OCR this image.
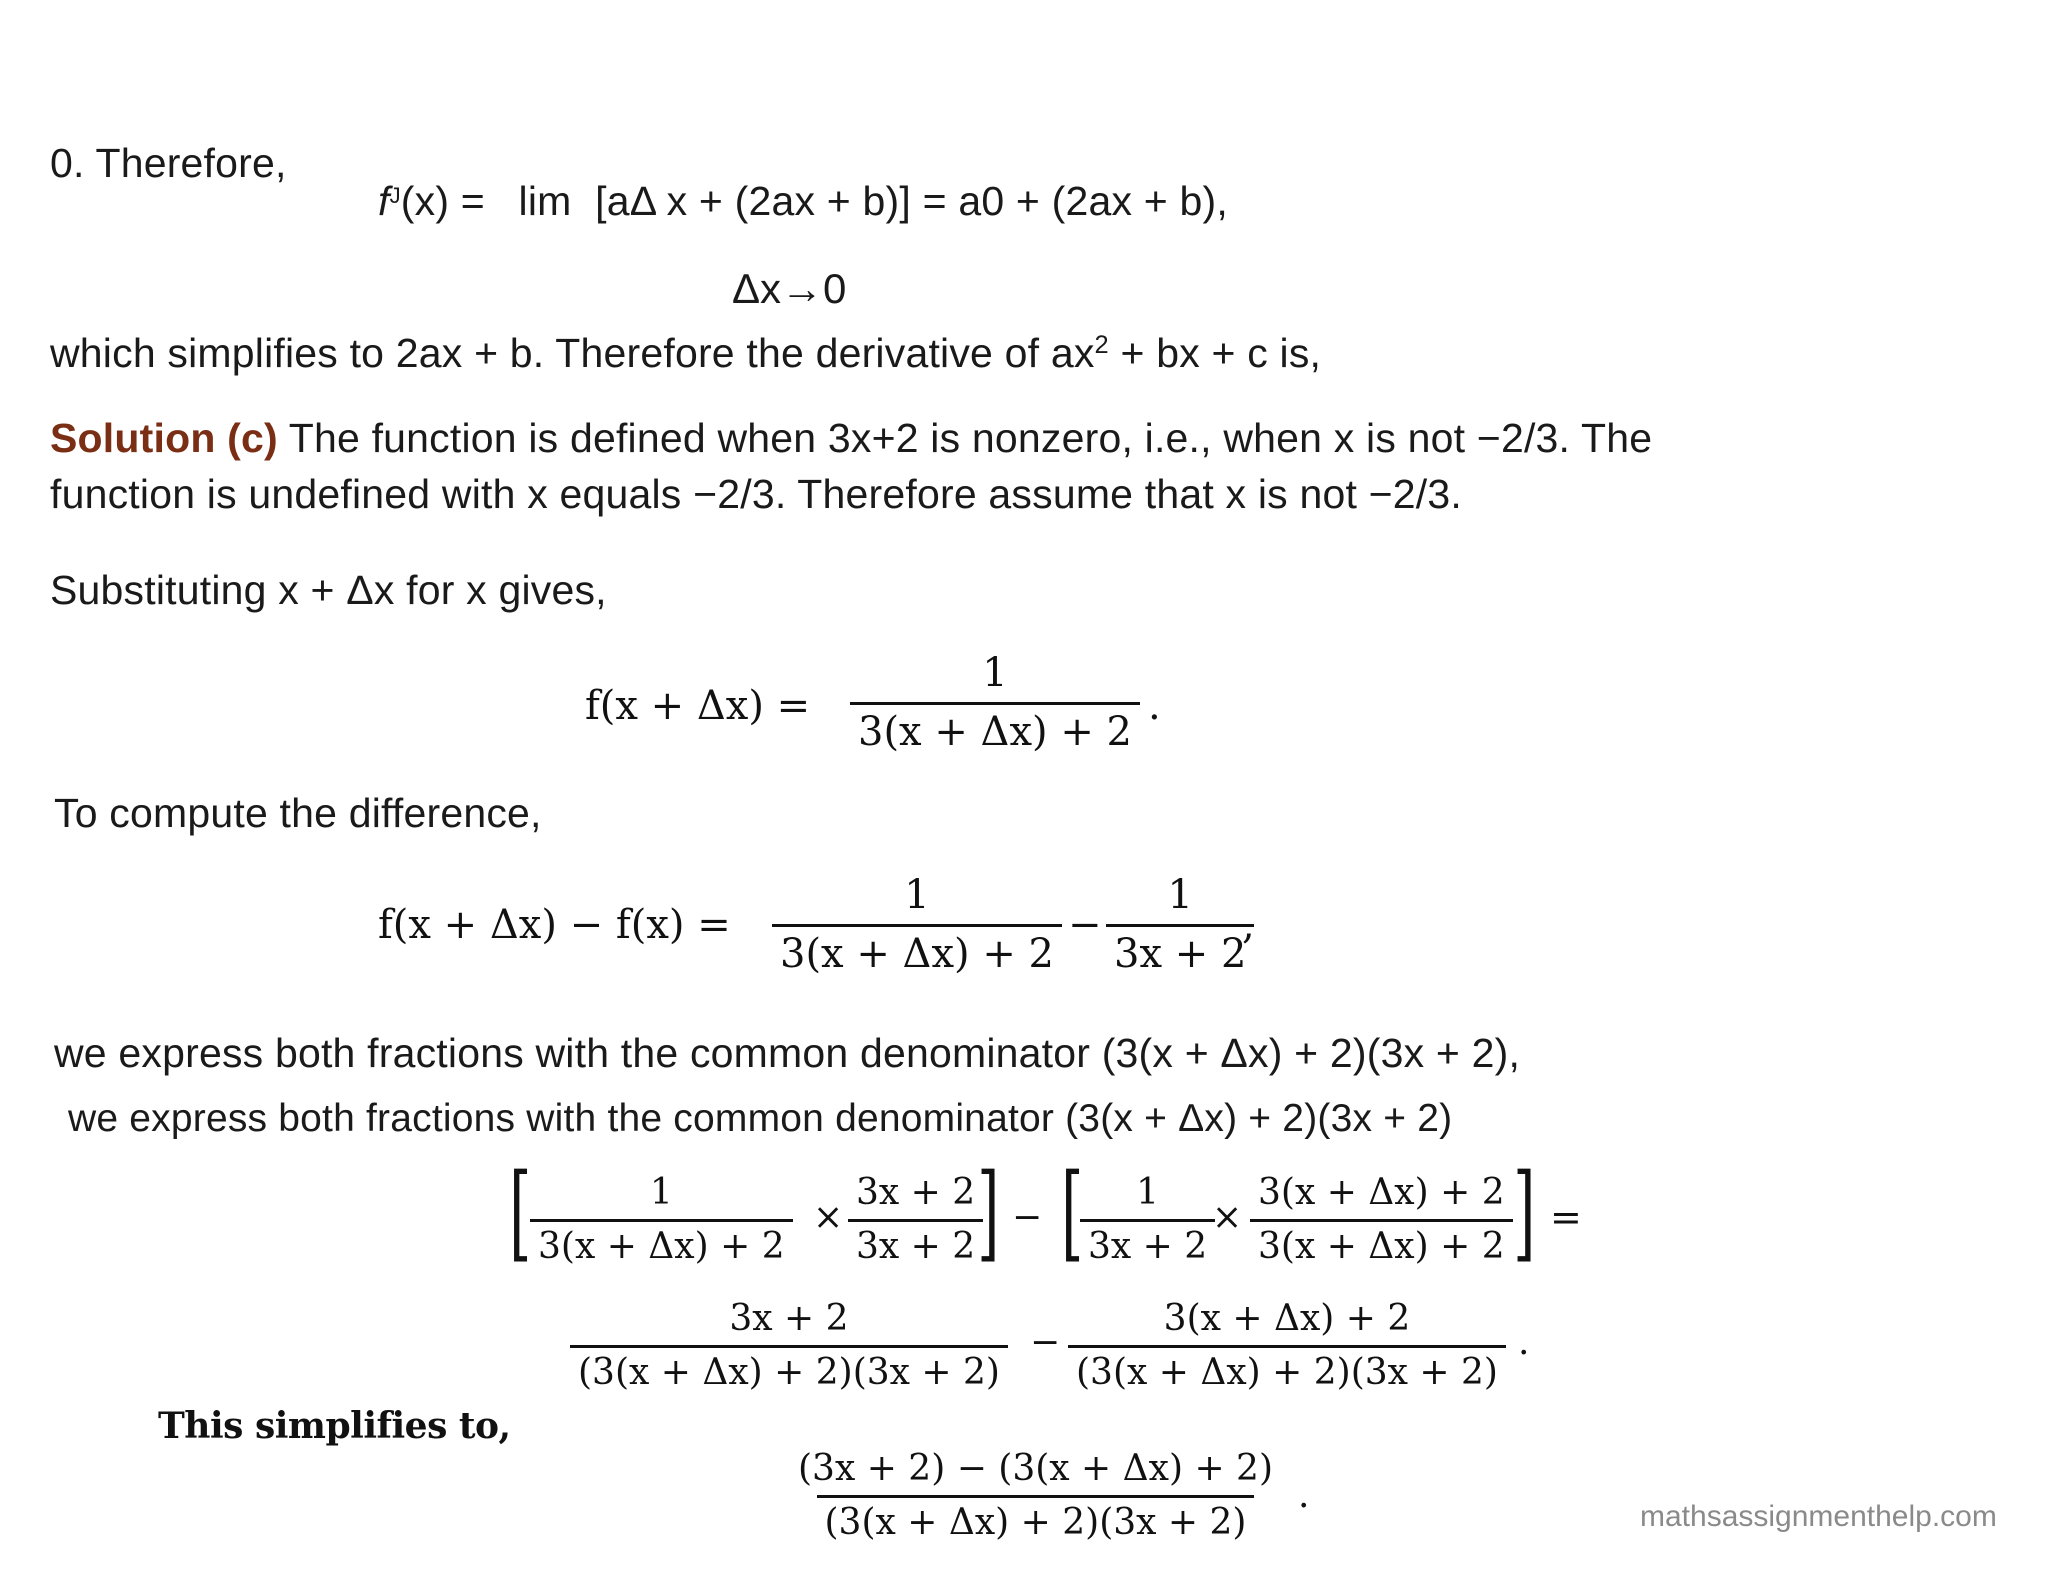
0. Therefore,
$f^J(x) = \lim [a\Delta$ x + (2ax + b)] = a0 + (2ax + b),
Δx→0
which simplifies to 2ax + b. Therefore the derivative of $ax^2$ + bx + c is,
Solution (c) The function is defined when 3x+2 is nonzero, i.e., when x is not −2/3. The
function is undefined with x equals −2/3. Therefore assume that x is not −2/3.
Substituting x + Δx for x gives,
$f(x + \Delta x) = \frac{1}{3(x + \Delta x) + 2}$ .
To compute the difference,
$f(x + \Delta x) - f(x) = \frac{1}{3(x + \Delta x) + 2} - \frac{1}{3x + 2}$
,
we express both fractions with the common denominator (3(x + Δx) + 2)(3x + 2),
we express both fractions with the common denominator (3(x + Δx) + 2)(3x + 2)
[
$\frac{1}{3(x + \Delta x) + 2} \times \frac{3x + 2}{3x + 2}$
] − [
$\frac{1}{3x + 2}$
× $\frac{3(x + \Delta x) + 2}{3(x + \Delta x) + 2}$ ] =
$\frac{3x + 2}{(3(x + \Delta x) + 2)(3x + 2)} - \frac{3(x + \Delta x) + 2}{(3(x + \Delta x) + 2)(3x + 2)}$ .
This simplifies to,
$\frac{(3x + 2) - (3(x + \Delta x) + 2)}{(3(x + \Delta x) + 2)(3x + 2)}$ .
mathsassignmenthelp.com
